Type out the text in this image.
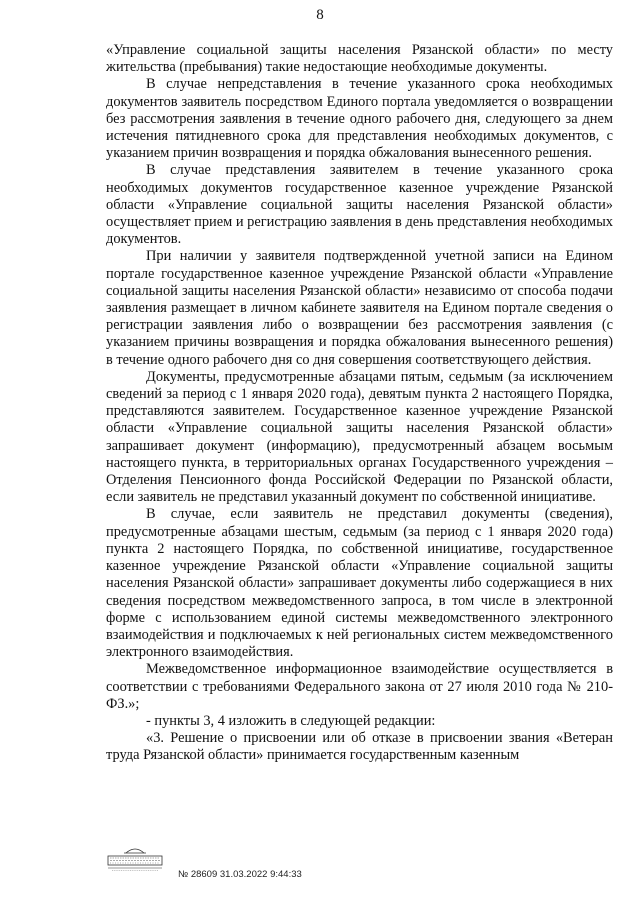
8

«Управление социальной защиты населения Рязанской области» по месту жительства (пребывания) такие недостающие необходимые документы.

В случае непредставления в течение указанного срока необходимых документов заявитель посредством Единого портала уведомляется о возвращении без рассмотрения заявления в течение одного рабочего дня, следующего за днем истечения пятидневного срока для представления необходимых документов, с указанием причин возвращения и порядка обжалования вынесенного решения.

В случае представления заявителем в течение указанного срока необходимых документов государственное казенное учреждение Рязанской области «Управление социальной защиты населения Рязанской области» осуществляет прием и регистрацию заявления в день представления необходимых документов.

При наличии у заявителя подтвержденной учетной записи на Едином портале государственное казенное учреждение Рязанской области «Управление социальной защиты населения Рязанской области» независимо от способа подачи заявления размещает в личном кабинете заявителя на Едином портале сведения о регистрации заявления либо о возвращении без рассмотрения заявления (с указанием причины возвращения и порядка обжалования вынесенного решения) в течение одного рабочего дня со дня совершения соответствующего действия.

Документы, предусмотренные абзацами пятым, седьмым (за исключением сведений за период с 1 января 2020 года), девятым пункта 2 настоящего Порядка, представляются заявителем. Государственное казенное учреждение Рязанской области «Управление социальной защиты населения Рязанской области» запрашивает документ (информацию), предусмотренный абзацем восьмым настоящего пункта, в территориальных органах Государственного учреждения – Отделения Пенсионного фонда Российской Федерации по Рязанской области, если заявитель не представил указанный документ по собственной инициативе.

В случае, если заявитель не представил документы (сведения), предусмотренные абзацами шестым, седьмым (за период с 1 января 2020 года) пункта 2 настоящего Порядка, по собственной инициативе, государственное казенное учреждение Рязанской области «Управление социальной защиты населения Рязанской области» запрашивает документы либо содержащиеся в них сведения посредством межведомственного запроса, в том числе в электронной форме с использованием единой системы межведомственного электронного взаимодействия и подключаемых к ней региональных систем межведомственного электронного взаимодействия.

Межведомственное информационное взаимодействие осуществляется в соответствии с требованиями Федерального закона от 27 июля 2010 года № 210-ФЗ.»;

- пункты 3, 4 изложить в следующей редакции:

«3. Решение о присвоении или об отказе в присвоении звания «Ветеран труда Рязанской области» принимается государственным казенным

№ 28609 31.03.2022 9:44:33
